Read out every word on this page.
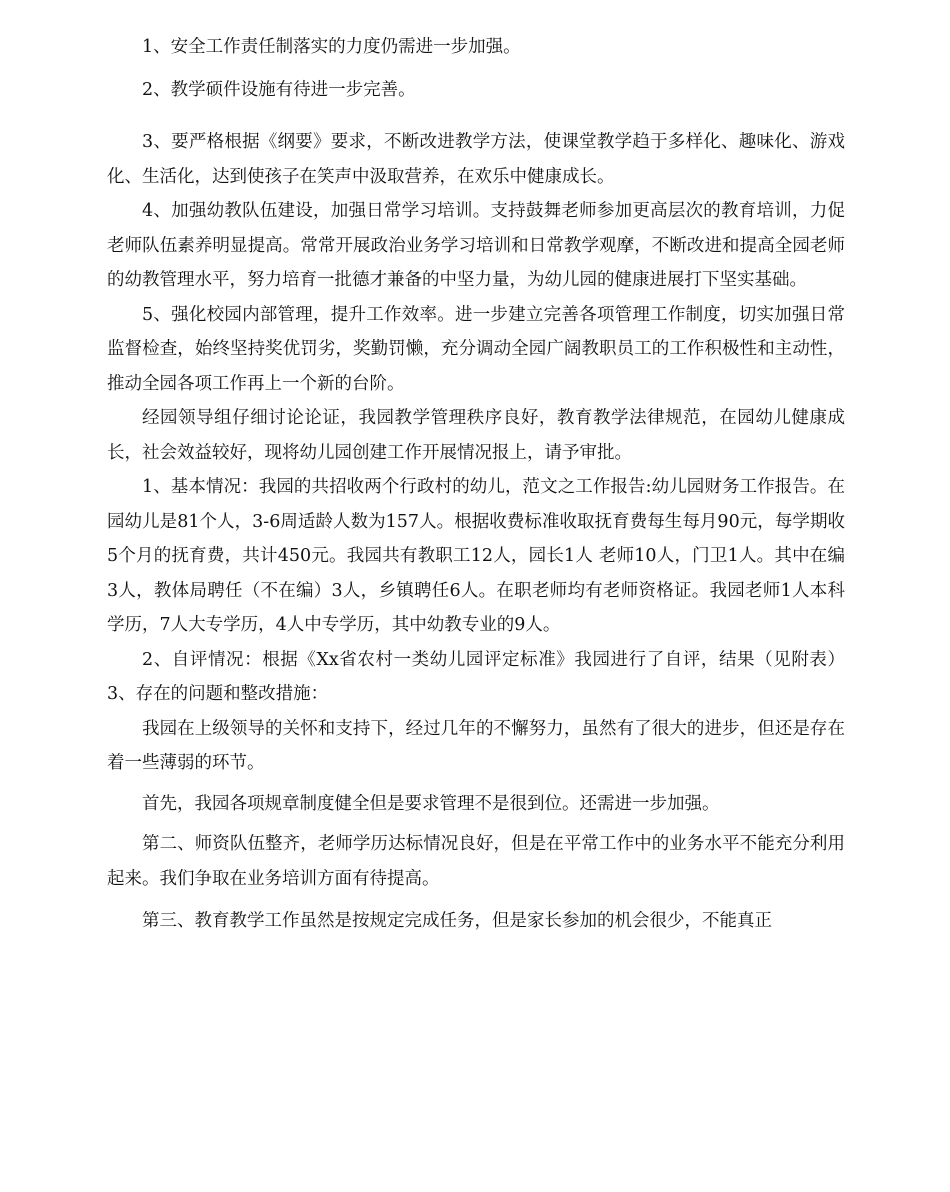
1、安全工作责任制落实的力度仍需进一步加强。

2、教学硕件设施有待进一步完善。

3、要严格根据《纲要》要求，不断改进教学方法，使课堂教学趋于多样化、趣味化、游戏化、生活化，达到使孩子在笑声中汲取营养，在欢乐中健康成长。

4、加强幼教队伍建设，加强日常学习培训。支持鼓舞老师参加更高层次的教育培训，力促老师队伍素养明显提高。常常开展政治业务学习培训和日常教学观摩，不断改进和提高全园老师的幼教管理水平，努力培育一批德才兼备的中坚力量，为幼儿园的健康进展打下坚实基础。

5、强化校园内部管理，提升工作效率。进一步建立完善各项管理工作制度，切实加强日常监督检查，始终坚持奖优罚劣，奖勤罚懒，充分调动全园广阔教职员工的工作积极性和主动性，推动全园各项工作再上一个新的台阶。

经园领导组仔细讨论论证，我园教学管理秩序良好，教育教学法律规范，在园幼儿健康成长，社会效益较好，现将幼儿园创建工作开展情况报上，请予审批。

1、基本情况：我园的共招收两个行政村的幼儿，范文之工作报告:幼儿园财务工作报告。在园幼儿是81个人，3-6周适龄人数为157人。根据收费标准收取抚育费每生每月90元，每学期收5个月的抚育费，共计450元。我园共有教职工12人，园长1人 老师10人，门卫1人。其中在编3人，教体局聘任（不在编）3人，乡镇聘任6人。在职老师均有老师资格证。我园老师1人本科学历，7人大专学历，4人中专学历，其中幼教专业的9人。

2、自评情况：根据《Xx省农村一类幼儿园评定标准》我园进行了自评，结果（见附表）3、存在的问题和整改措施：

我园在上级领导的关怀和支持下，经过几年的不懈努力，虽然有了很大的进步，但还是存在着一些薄弱的环节。

首先，我园各项规章制度健全但是要求管理不是很到位。还需进一步加强。

第二、师资队伍整齐，老师学历达标情况良好，但是在平常工作中的业务水平不能充分利用起来。我们争取在业务培训方面有待提高。

第三、教育教学工作虽然是按规定完成任务，但是家长参加的机会很少，不能真正
